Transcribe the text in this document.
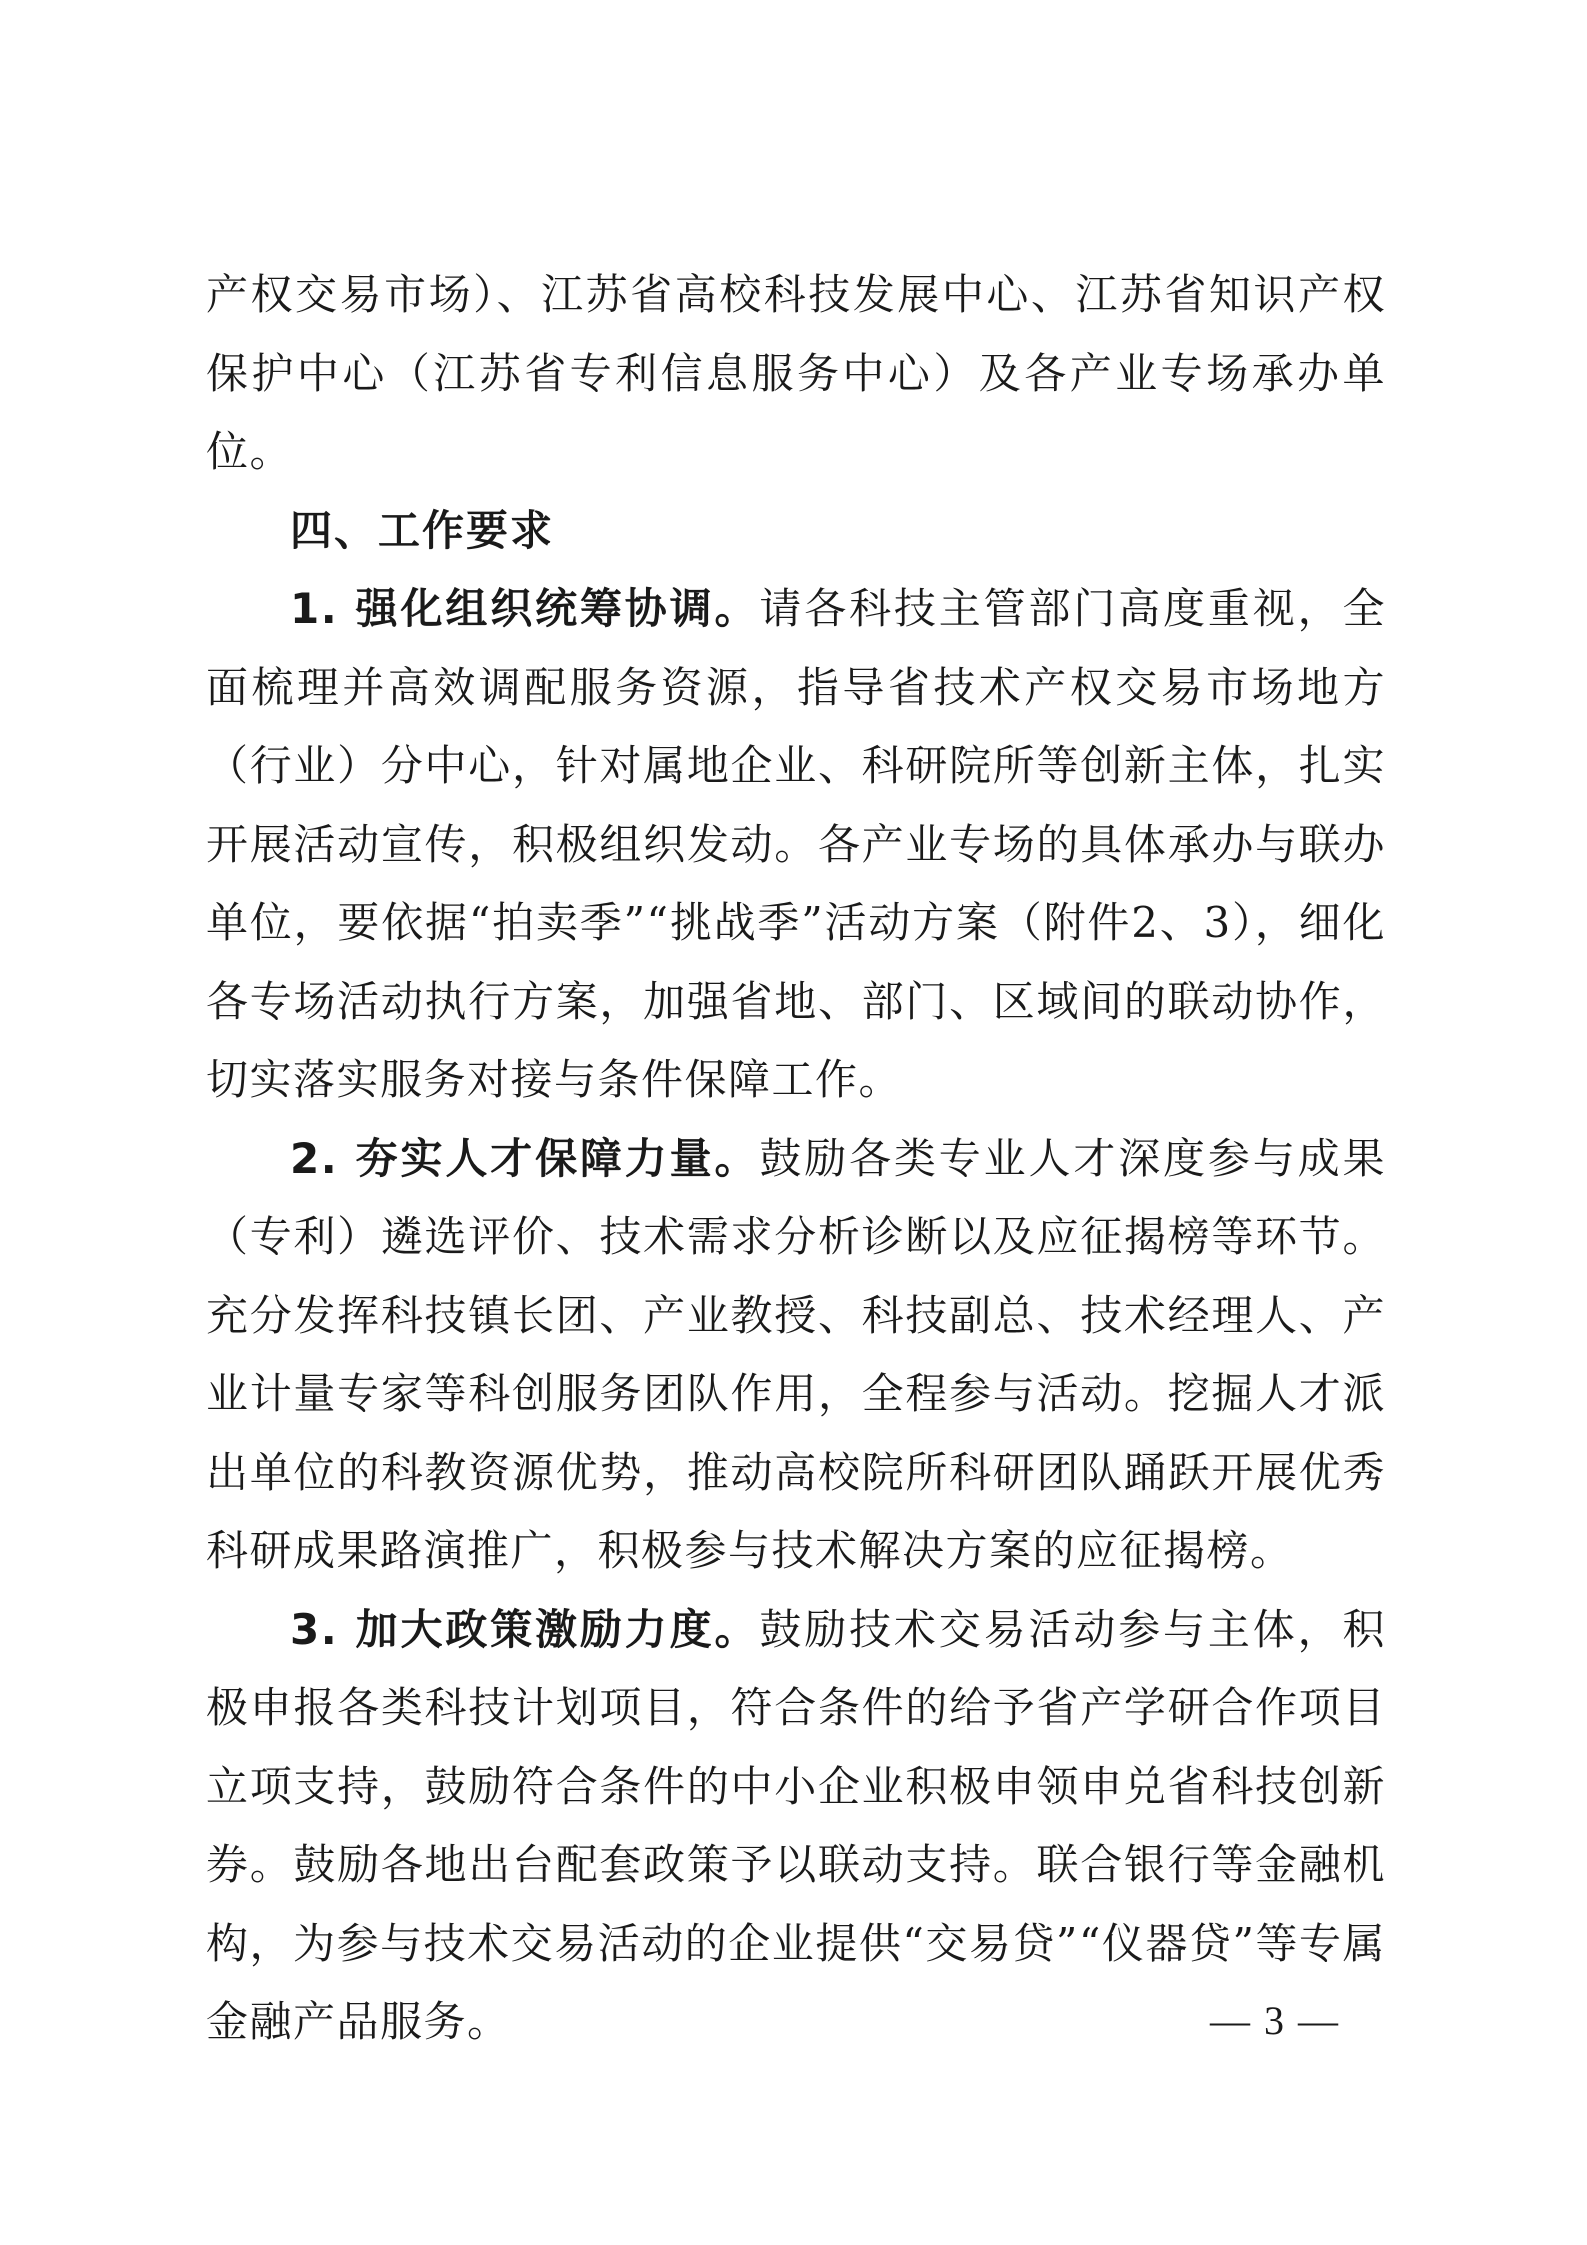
产权交易市场）、江苏省高校科技发展中心、江苏省知识产权保护中心（江苏省专利信息服务中心）及各产业专场承办单位。

四、工作要求

1. 强化组织统筹协调。请各科技主管部门高度重视，全面梳理并高效调配服务资源，指导省技术产权交易市场地方（行业）分中心，针对属地企业、科研院所等创新主体，扎实开展活动宣传，积极组织发动。各产业专场的具体承办与联办单位，要依据“拍卖季”“挑战季”活动方案（附件2、3），细化各专场活动执行方案，加强省地、部门、区域间的联动协作，切实落实服务对接与条件保障工作。

2. 夯实人才保障力量。鼓励各类专业人才深度参与成果（专利）遴选评价、技术需求分析诊断以及应征揭榜等环节。充分发挥科技镇长团、产业教授、科技副总、技术经理人、产业计量专家等科创服务团队作用，全程参与活动。挖掘人才派出单位的科教资源优势，推动高校院所科研团队踊跃开展优秀科研成果路演推广，积极参与技术解决方案的应征揭榜。

3. 加大政策激励力度。鼓励技术交易活动参与主体，积极申报各类科技计划项目，符合条件的给予省产学研合作项目立项支持，鼓励符合条件的中小企业积极申领申兑省科技创新券。鼓励各地出台配套政策予以联动支持。联合银行等金融机构，为参与技术交易活动的企业提供“交易贷”“仪器贷”等专属金融产品服务。	— 3 —
